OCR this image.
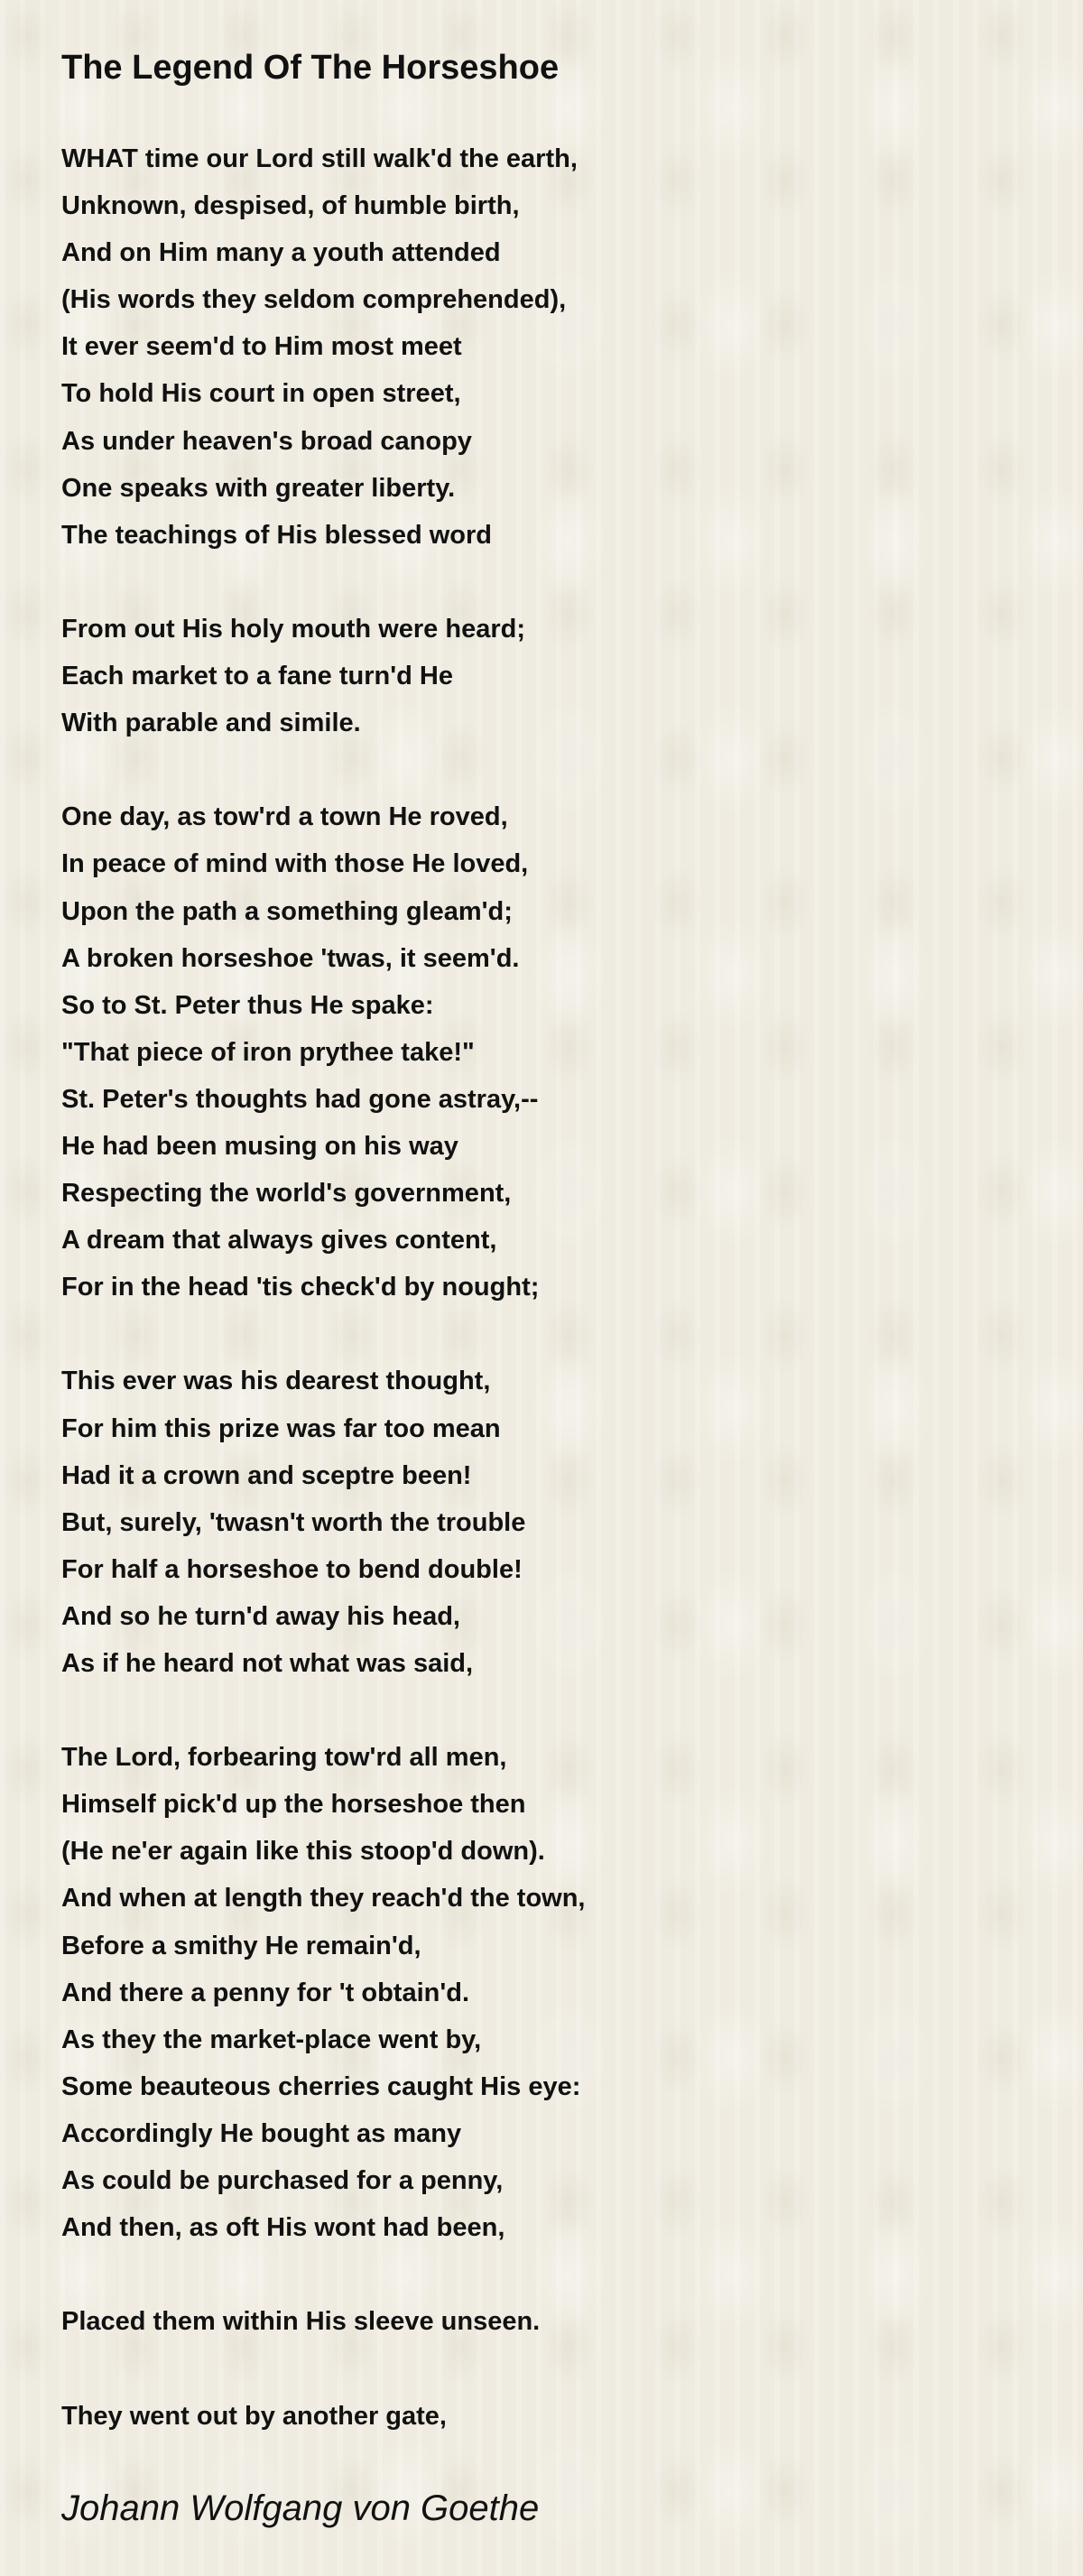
The Legend Of The Horseshoe
WHAT time our Lord still walk'd the earth,
Unknown, despised, of humble birth,
And on Him many a youth attended
(His words they seldom comprehended),
It ever seem'd to Him most meet
To hold His court in open street,
As under heaven's broad canopy
One speaks with greater liberty.
The teachings of His blessed word

From out His holy mouth were heard;
Each market to a fane turn'd He
With parable and simile.

One day, as tow'rd a town He roved,
In peace of mind with those He loved,
Upon the path a something gleam'd;
A broken horseshoe 'twas, it seem'd.
So to St. Peter thus He spake:
"That piece of iron prythee take!"
St. Peter's thoughts had gone astray,--
He had been musing on his way
Respecting the world's government,
A dream that always gives content,
For in the head 'tis check'd by nought;

This ever was his dearest thought,
For him this prize was far too mean
Had it a crown and sceptre been!
But, surely, 'twasn't worth the trouble
For half a horseshoe to bend double!
And so he turn'd away his head,
As if he heard not what was said,

The Lord, forbearing tow'rd all men,
Himself pick'd up the horseshoe then
(He ne'er again like this stoop'd down).
And when at length they reach'd the town,
Before a smithy He remain'd,
And there a penny for 't obtain'd.
As they the market-place went by,
Some beauteous cherries caught His eye:
Accordingly He bought as many
As could be purchased for a penny,
And then, as oft His wont had been,

Placed them within His sleeve unseen.

They went out by another gate,
Johann Wolfgang von Goethe
